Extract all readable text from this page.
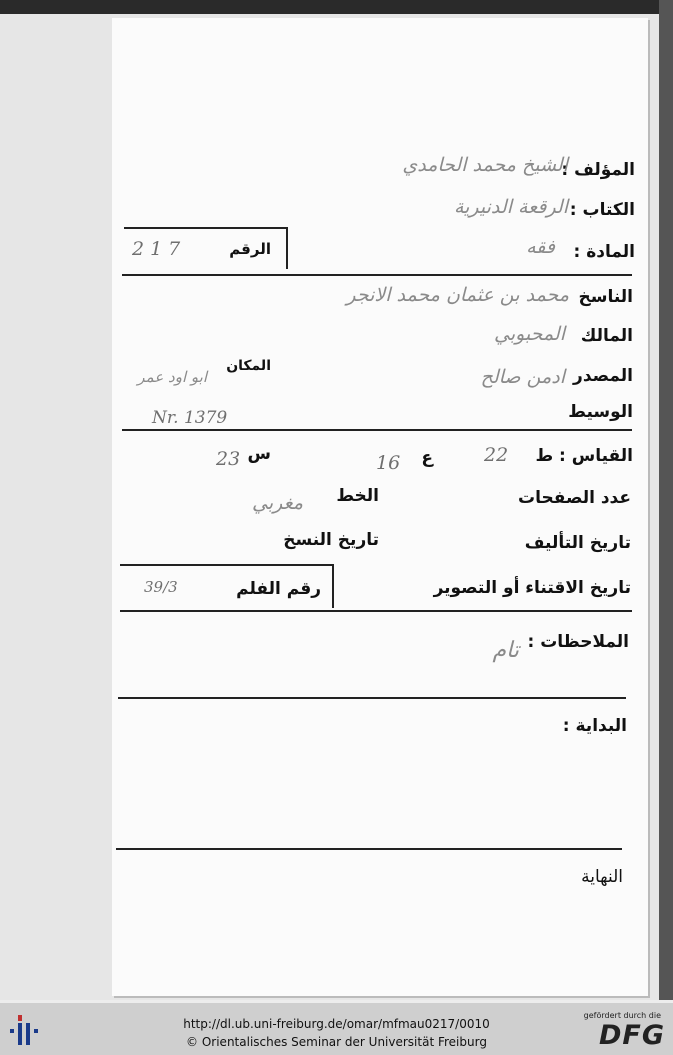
المؤلف :
الشيخ محمد الحامدي
الكتاب :
الرقعة الدنيرية
المادة :
فقه
الرقم
217
الناسخ
محمد بن عثمان محمد الانجر
المالك
المحبوبي
المصدر
ادمن صالح
المكان
ابو اود عمر
الوسيط
Nr. 1379
القياس : ط
22
ع
16
س
23
عدد الصفحات
الخط
مغربي
تاريخ التأليف
تاريخ النسخ
تاريخ الاقتناء أو التصوير
رقم الفلم
39/3
الملاحظات :
تام
البداية :
النهاية
http://dl.ub.uni-freiburg.de/omar/mfmau0217/0010
© Orientalisches Seminar der Universität Freiburg
gefördert durch die
DFG
